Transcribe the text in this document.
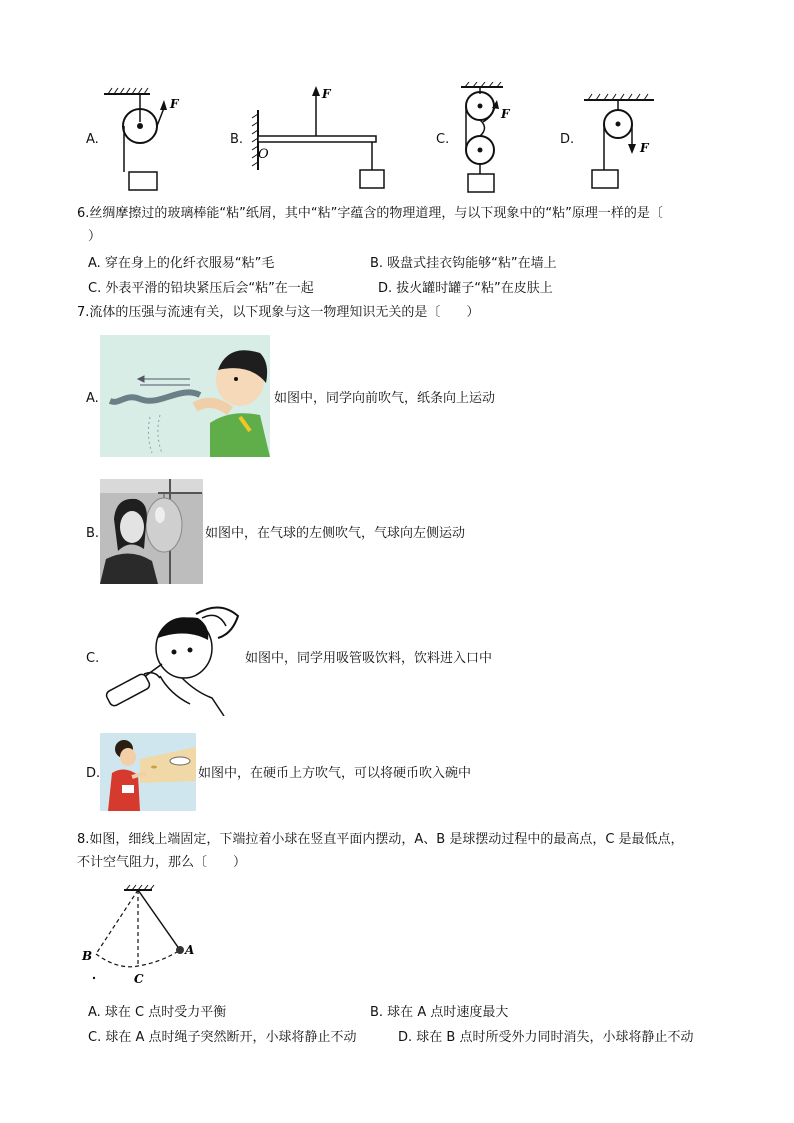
A.
F
B.
F
O
C.
F
D.
F
6.丝绸摩擦过的玻璃棒能“粘”纸屑，其中“粘”字蕴含的物理道理，与以下现象中的“粘”原理一样的是〔
）
A. 穿在身上的化纤衣服易“粘”毛	B. 吸盘式挂衣钩能够“粘”在墙上
C. 外表平滑的铅块紧压后会“粘”在一起	D. 拔火罐时罐子“粘”在皮肤上
7.流体的压强与流速有关，以下现象与这一物理知识无关的是〔　　）
A.	如图中，同学向前吹气，纸条向上运动
B.	如图中，在气球的左侧吹气，气球向左侧运动
C.	如图中，同学用吸管吸饮料，饮料进入口中
D.	如图中，在硬币上方吹气，可以将硬币吹入碗中
8.如图，细线上端固定，下端拉着小球在竖直平面内摆动，A、B 是球摆动过程中的最高点，C 是最低点，
不计空气阻力，那么〔　　）
A
B
C
A. 球在 C 点时受力平衡	B. 球在 A 点时速度最大
C. 球在 A 点时绳子突然断开，小球将静止不动	D. 球在 B 点时所受外力同时消失，小球将静止不动
